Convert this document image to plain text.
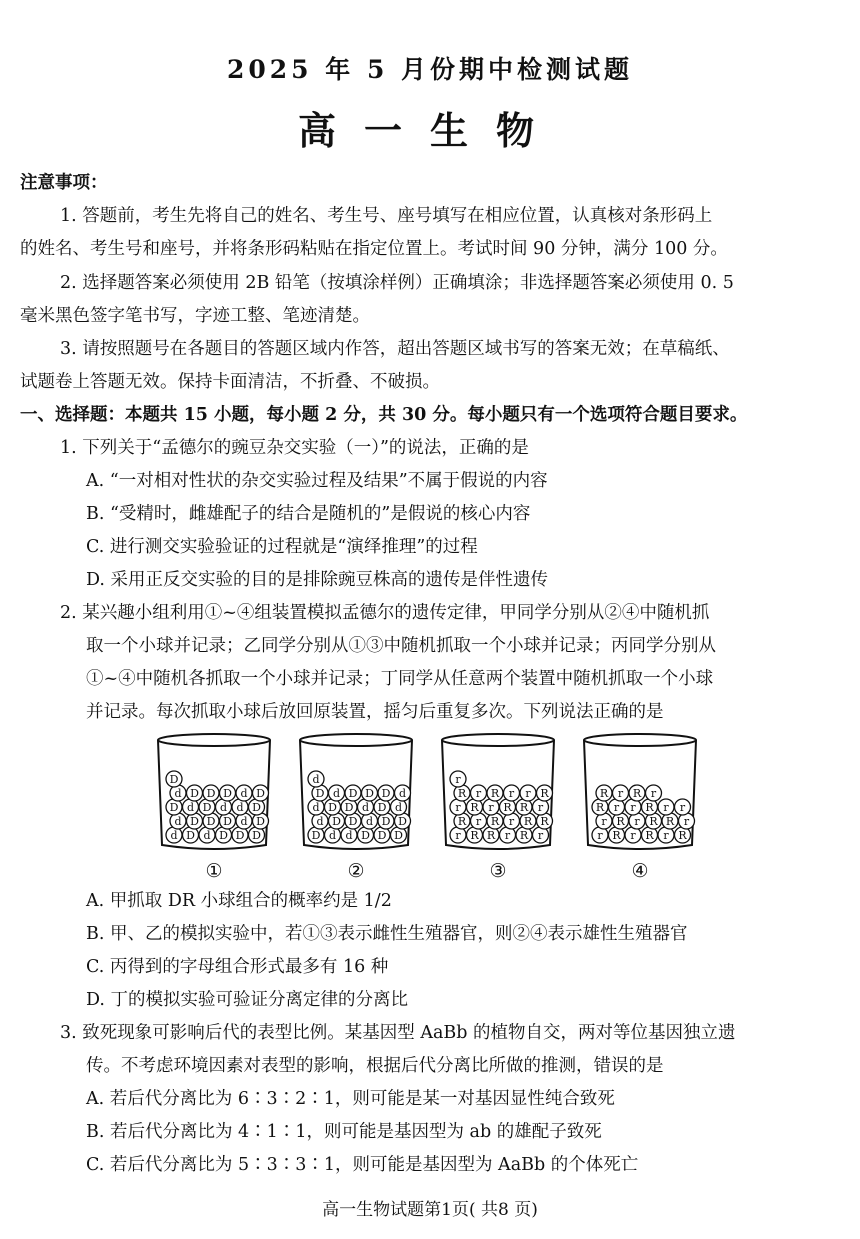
2025 年 5 月份期中检测试题
高一生物
注意事项：
1. 答题前，考生先将自己的姓名、考生号、座号填写在相应位置，认真核对条形码上
的姓名、考生号和座号，并将条形码粘贴在指定位置上。考试时间 90 分钟，满分 100 分。
2. 选择题答案必须使用 2B 铅笔（按填涂样例）正确填涂；非选择题答案必须使用 0. 5
毫米黑色签字笔书写，字迹工整、笔迹清楚。
3. 请按照题号在各题目的答题区域内作答，超出答题区域书写的答案无效；在草稿纸、
试题卷上答题无效。保持卡面清洁，不折叠、不破损。
一、选择题：本题共 15 小题，每小题 2 分，共 30 分。每小题只有一个选项符合题目要求。
1. 下列关于“孟德尔的豌豆杂交实验（一）”的说法，正确的是
A. “一对相对性状的杂交实验过程及结果”不属于假说的内容
B. “受精时，雌雄配子的结合是随机的”是假说的核心内容
C. 进行测交实验验证的过程就是“演绎推理”的过程
D. 采用正反交实验的目的是排除豌豆株高的遗传是伴性遗传
2. 某兴趣小组利用①~④组装置模拟孟德尔的遗传定律，甲同学分别从②④中随机抓
取一个小球并记录；乙同学分别从①③中随机抓取一个小球并记录；丙同学分别从
①~④中随机各抓取一个小球并记录；丁同学从任意两个装置中随机抓取一个小球
并记录。每次抓取小球后放回原装置，摇匀后重复多次。下列说法正确的是
d D d D D D
d D D D d D
D d D d d D
d D D D d D
D
①
D d d D D D
d D D d D D
d D D d D d
D d D D D d
d
②
r R R r R r
R r R r R R
r R r R R r
R r R r r R
r
③
r R r R r R
r R r R R r
R r r R r r
R r R r
④
A. 甲抓取 DR 小球组合的概率约是 1/2
B. 甲、乙的模拟实验中，若①③表示雌性生殖器官，则②④表示雄性生殖器官
C. 丙得到的字母组合形式最多有 16 种
D. 丁的模拟实验可验证分离定律的分离比
3. 致死现象可影响后代的表型比例。某基因型 AaBb 的植物自交，两对等位基因独立遗
传。不考虑环境因素对表型的影响，根据后代分离比所做的推测，错误的是
A. 若后代分离比为 6∶3∶2∶1，则可能是某一对基因显性纯合致死
B. 若后代分离比为 4∶1∶1，则可能是基因型为 ab 的雄配子致死
C. 若后代分离比为 5∶3∶3∶1，则可能是基因型为 AaBb 的个体死亡
高一生物试题第1页( 共8 页)
